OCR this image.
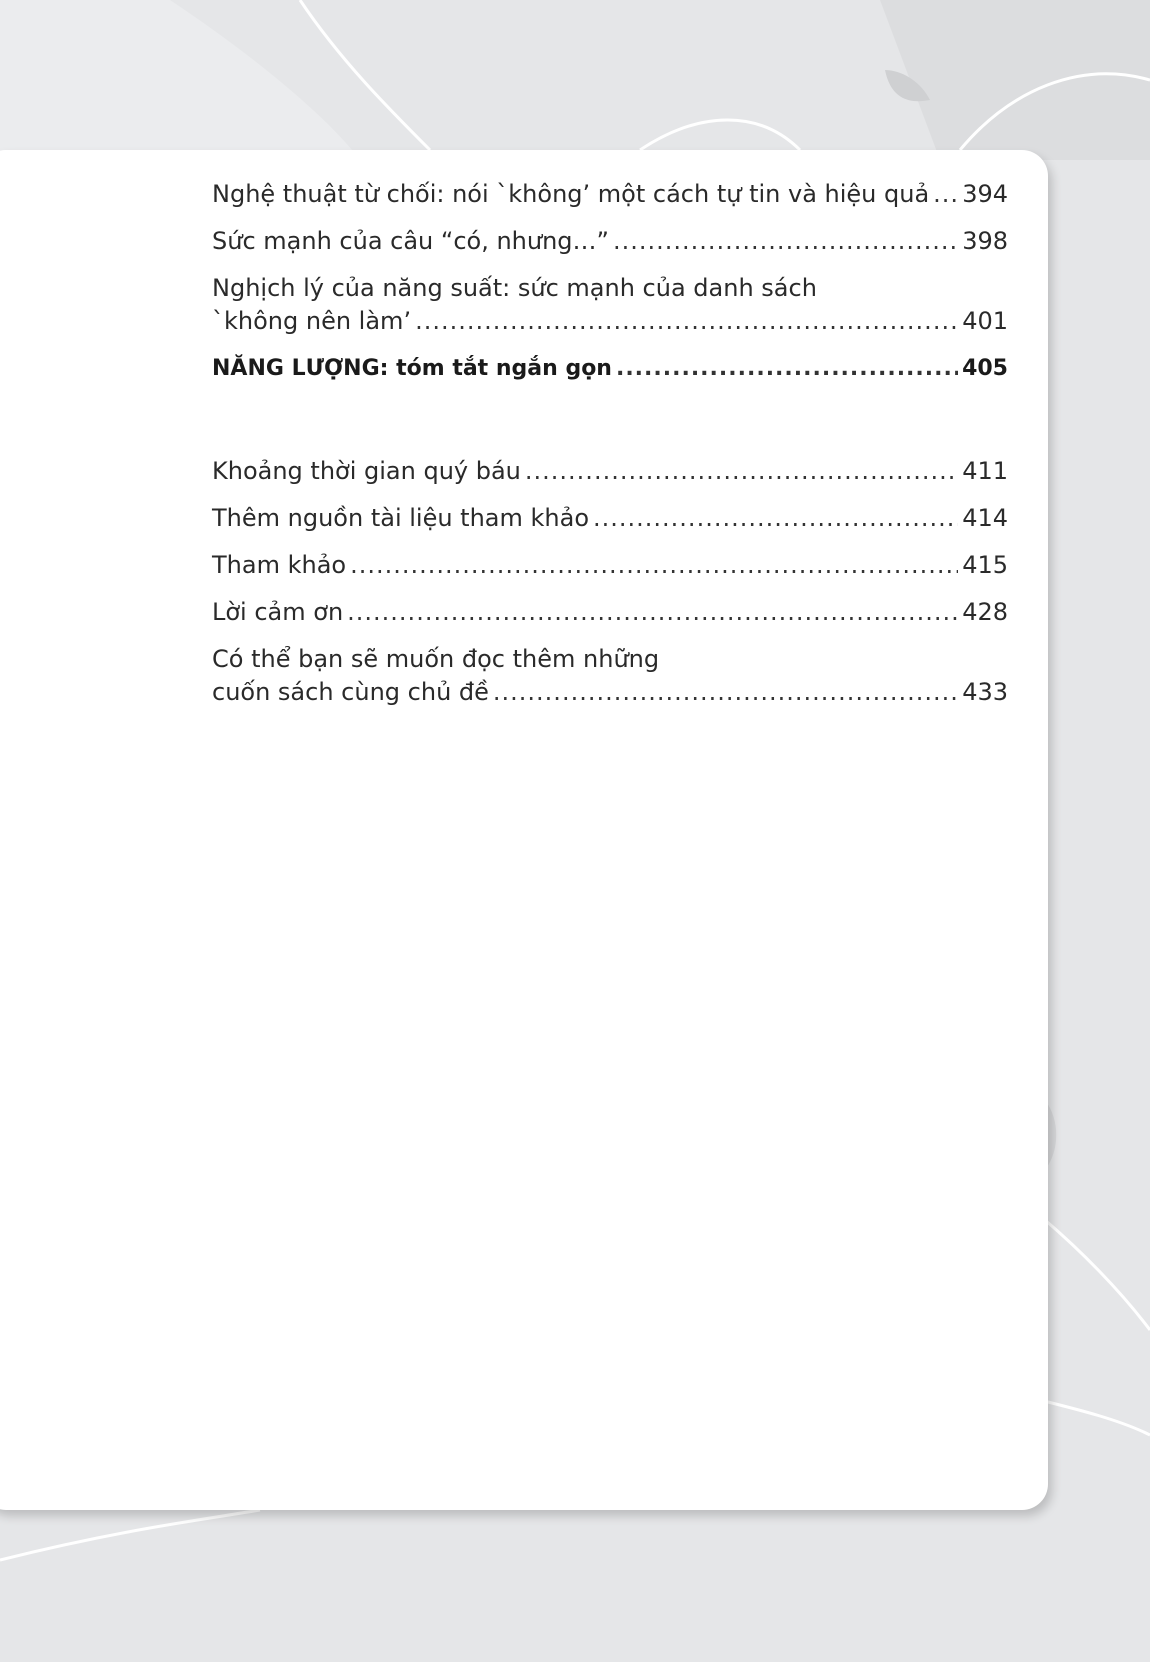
Nghệ thuật từ chối: nói `không’ một cách tự tin và hiệu quả ..... 394
Sức mạnh của câu “có, nhưng…” .....	398
Nghịch lý của năng suất: sức mạnh của danh sách
`không nên làm’ .....	401
NĂNG LƯỢNG: tóm tắt ngắn gọn .....	405
Khoảng thời gian quý báu .....	411
Thêm nguồn tài liệu tham khảo .....	414
Tham khảo .....	415
Lời cảm ơn .....	428
Có thể bạn sẽ muốn đọc thêm những
cuốn sách cùng chủ đề .....	433
